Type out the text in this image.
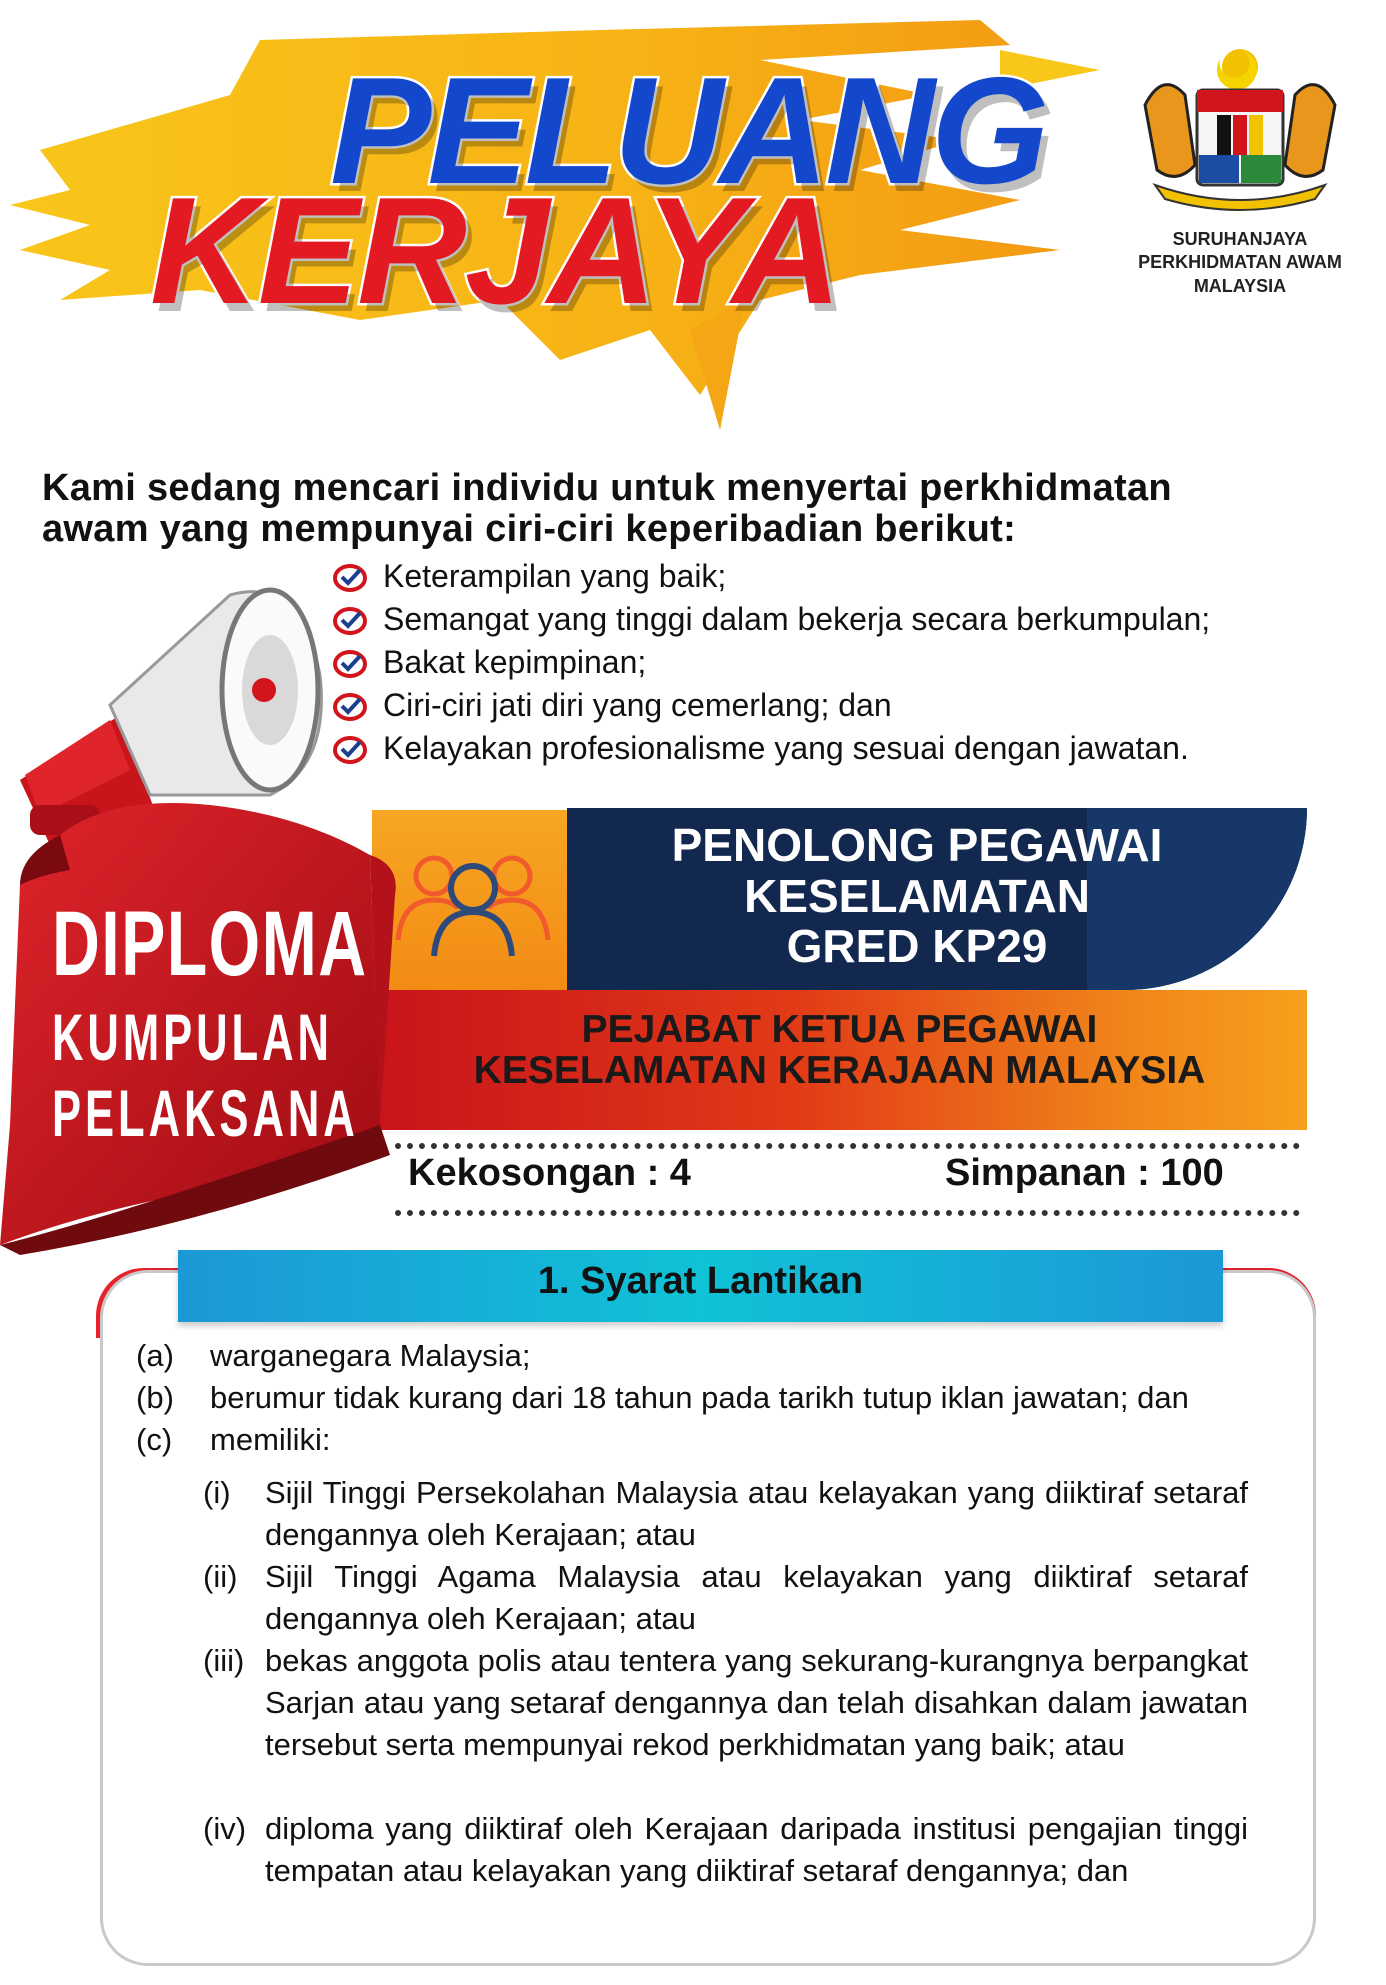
PELUANG
KERJAYA	SURUHANJAYA
PERKHIDMATAN AWAM
MALAYSIA
Kami sedang mencari individu untuk menyertai perkhidmatan
awam yang mempunyai ciri-ciri keperibadian berikut:
Keterampilan yang baik;
Semangat yang tinggi dalam bekerja secara berkumpulan;
Bakat kepimpinan;
Ciri-ciri jati diri yang cemerlang; dan
Kelayakan profesionalisme yang sesuai dengan jawatan.
PENOLONG PEGAWAI
KESELAMATAN
GRED KP29
PEJABAT KETUA PEGAWAI
KESELAMATAN KERAJAAN MALAYSIA
DIPLOMA
KUMPULAN
PELAKSANA
Kekosongan : 4	Simpanan : 100
1. Syarat Lantikan
(a)	warganegara Malaysia;
(b)	berumur tidak kurang dari 18 tahun pada tarikh tutup iklan jawatan; dan
(c)	memiliki:
(i)	Sijil Tinggi Persekolahan Malaysia atau kelayakan yang diiktiraf setaraf dengannya oleh Kerajaan; atau
(ii) Sijil Tinggi Agama Malaysia atau kelayakan yang diiktiraf setaraf dengannya oleh Kerajaan; atau
(iii) bekas anggota polis atau tentera yang sekurang-kurangnya berpangkat Sarjan atau yang setaraf dengannya dan telah disahkan dalam jawatan tersebut serta mempunyai rekod perkhidmatan yang baik; atau
(iv) diploma yang diiktiraf oleh Kerajaan daripada institusi pengajian tinggi tempatan atau kelayakan yang diiktiraf setaraf dengannya; dan
